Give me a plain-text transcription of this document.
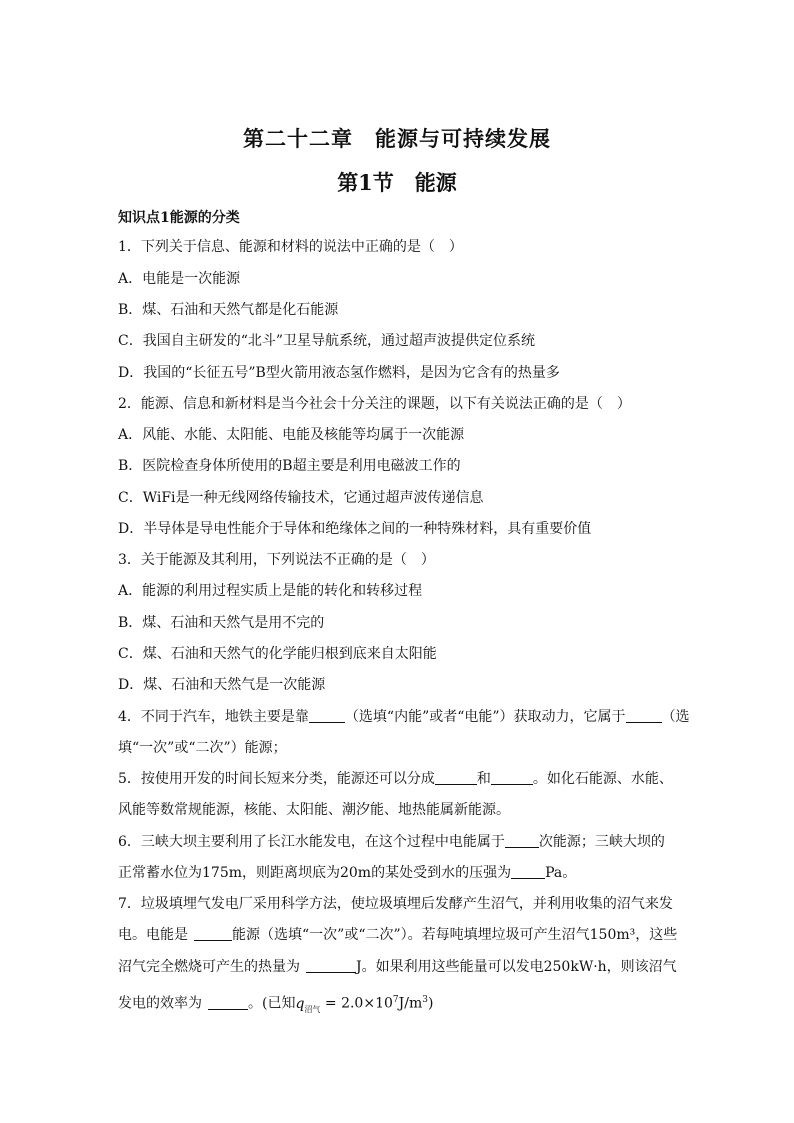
第二十二章　能源与可持续发展
第1节　能源
知识点1能源的分类
1．下列关于信息、能源和材料的说法中正确的是（　）
A．电能是一次能源
B．煤、石油和天然气都是化石能源
C．我国自主研发的“北斗”卫星导航系统，通过超声波提供定位系统
D．我国的“长征五号”B型火箭用液态氢作燃料，是因为它含有的热量多
2．能源、信息和新材料是当今社会十分关注的课题，以下有关说法正确的是（　）
A．风能、水能、太阳能、电能及核能等均属于一次能源
B．医院检查身体所使用的B超主要是利用电磁波工作的
C．WiFi是一种无线网络传输技术，它通过超声波传递信息
D．半导体是导电性能介于导体和绝缘体之间的一种特殊材料，具有重要价值
3．关于能源及其利用，下列说法不正确的是（　）
A．能源的利用过程实质上是能的转化和转移过程
B．煤、石油和天然气是用不完的
C．煤、石油和天然气的化学能归根到底来自太阳能
D．煤、石油和天然气是一次能源
4．不同于汽车，地铁主要是靠	（选填“内能”或者“电能”）获取动力，它属于	（选
填“一次”或“二次”）能源；
5．按使用开发的时间长短来分类，能源还可以分成	和	。如化石能源、水能、
风能等数常规能源，核能、太阳能、潮汐能、地热能属新能源。
6．三峡大坝主要利用了长江水能发电，在这个过程中电能属于 次能源；三峡大坝的
正常蓄水位为175m，则距离坝底为20m的某处受到水的压强为 Pa。
7．垃圾填埋气发电厂采用科学方法，使垃圾填埋后发酵产生沼气，并利用收集的沼气来发
电。电能是	能源（选填“一次”或“二次”）。若每吨填埋垃圾可产生沼气150m³，这些
沼气完全燃烧可产生的热量为	J。如果利用这些能量可以发电250kW·h，则该沼气
发电的效率为	。(已知$q_{沼气} = 2.0\times 10^7J/m^3$)
